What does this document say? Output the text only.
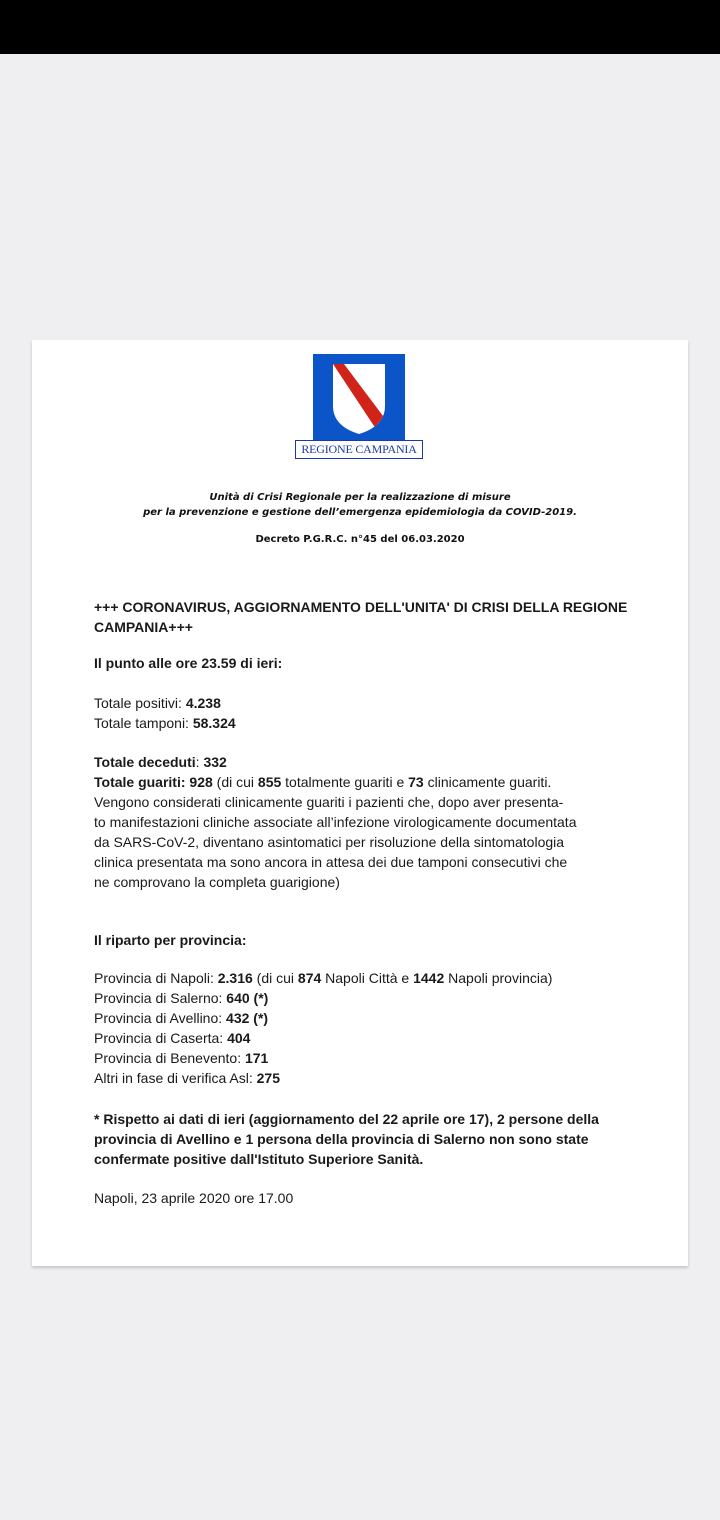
REGIONE CAMPANIA
Unità di Crisi Regionale per la realizzazione di misure
per la prevenzione e gestione dell’emergenza epidemiologia da COVID-2019.
Decreto P.G.R.C. n°45 del 06.03.2020
+++ CORONAVIRUS, AGGIORNAMENTO DELL'UNITA' DI CRISI DELLA REGIONE
CAMPANIA+++
Il punto alle ore 23.59 di ieri:
Totale positivi: 4.238
Totale tamponi: 58.324
Totale deceduti: 332
Totale guariti: 928 (di cui 855 totalmente guariti e 73 clinicamente guariti.
Vengono considerati clinicamente guariti i pazienti che, dopo aver presenta-
to manifestazioni cliniche associate all’infezione virologicamente documentata
da SARS-CoV-2, diventano asintomatici per risoluzione della sintomatologia
clinica presentata ma sono ancora in attesa dei due tamponi consecutivi che
ne comprovano la completa guarigione)
Il riparto per provincia:
Provincia di Napoli: 2.316 (di cui 874 Napoli Città e 1442 Napoli provincia)
Provincia di Salerno: 640 (*)
Provincia di Avellino: 432 (*)
Provincia di Caserta: 404
Provincia di Benevento: 171
Altri in fase di verifica Asl: 275
* Rispetto ai dati di ieri (aggiornamento del 22 aprile ore 17), 2 persone della
provincia di Avellino e 1 persona della provincia di Salerno non sono state
confermate positive dall'Istituto Superiore Sanità.
Napoli, 23 aprile 2020 ore 17.00
